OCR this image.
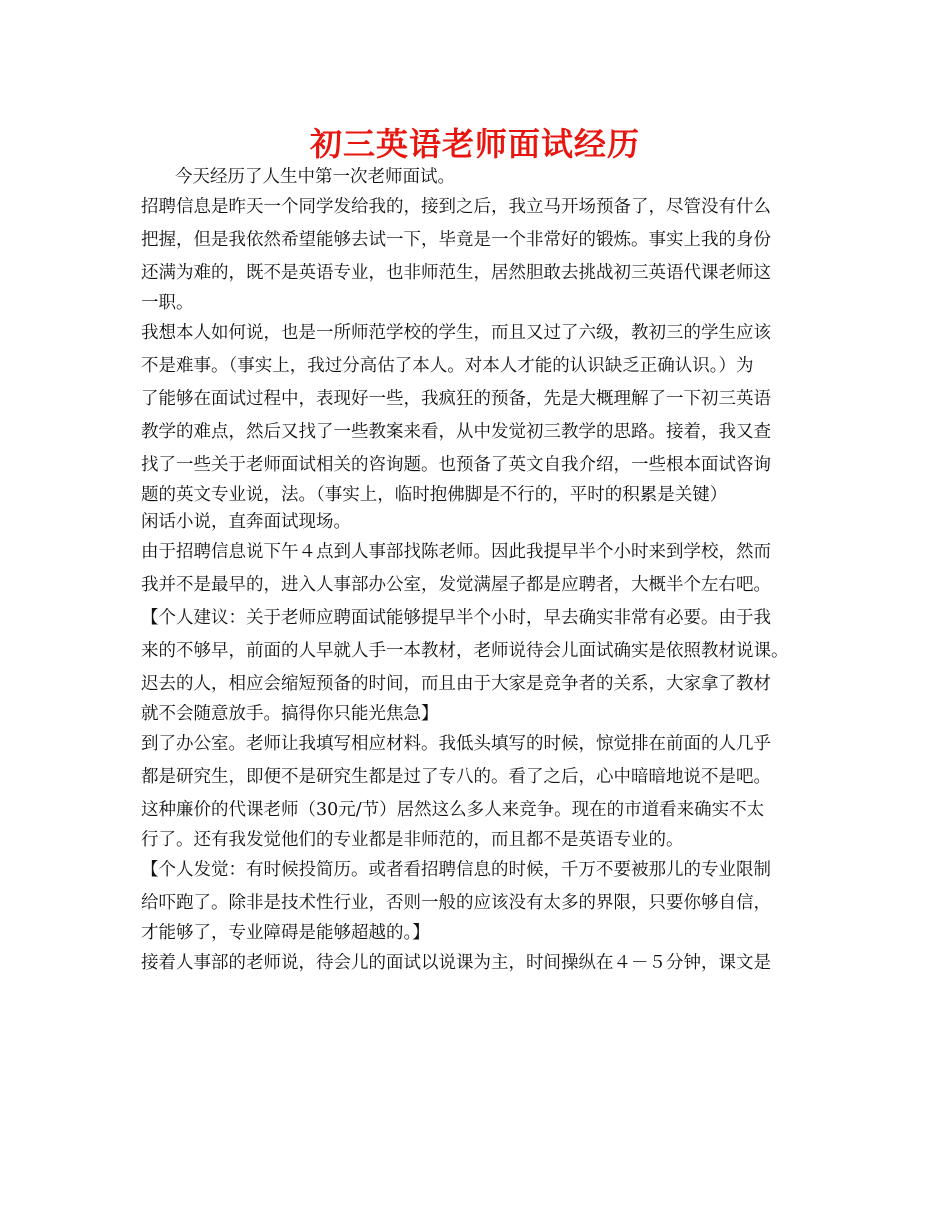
初三英语老师面试经历
今天经历了人生中第一次老师面试。
招聘信息是昨天一个同学发给我的，接到之后，我立马开场预备了，尽管没有什么
把握，但是我依然希望能够去试一下，毕竟是一个非常好的锻炼。事实上我的身份
还满为难的，既不是英语专业，也非师范生，居然胆敢去挑战初三英语代课老师这
一职。
我想本人如何说，也是一所师范学校的学生，而且又过了六级，教初三的学生应该
不是难事。（事实上，我过分高估了本人。对本人才能的认识缺乏正确认识。）为
了能够在面试过程中，表现好一些，我疯狂的预备，先是大概理解了一下初三英语
教学的难点，然后又找了一些教案来看，从中发觉初三教学的思路。接着，我又查
找了一些关于老师面试相关的咨询题。也预备了英文自我介绍，一些根本面试咨询
题的英文专业说，法。（事实上，临时抱佛脚是不行的，平时的积累是关键）
闲话小说，直奔面试现场。
由于招聘信息说下午４点到人事部找陈老师。因此我提早半个小时来到学校，然而
我并不是最早的，进入人事部办公室，发觉满屋子都是应聘者，大概半个左右吧。
【个人建议：关于老师应聘面试能够提早半个小时，早去确实非常有必要。由于我
来的不够早，前面的人早就人手一本教材，老师说待会儿面试确实是依照教材说课。
迟去的人，相应会缩短预备的时间，而且由于大家是竞争者的关系，大家拿了教材
就不会随意放手。搞得你只能光焦急】
到了办公室。老师让我填写相应材料。我低头填写的时候，惊觉排在前面的人几乎
都是研究生，即便不是研究生都是过了专八的。看了之后，心中暗暗地说不是吧。
这种廉价的代课老师（30元/节）居然这么多人来竞争。现在的市道看来确实不太
行了。还有我发觉他们的专业都是非师范的，而且都不是英语专业的。
【个人发觉：有时候投简历。或者看招聘信息的时候，千万不要被那儿的专业限制
给吓跑了。除非是技术性行业，否则一般的应该没有太多的界限，只要你够自信，
才能够了，专业障碍是能够超越的。】
接着人事部的老师说，待会儿的面试以说课为主，时间操纵在４－５分钟，课文是
